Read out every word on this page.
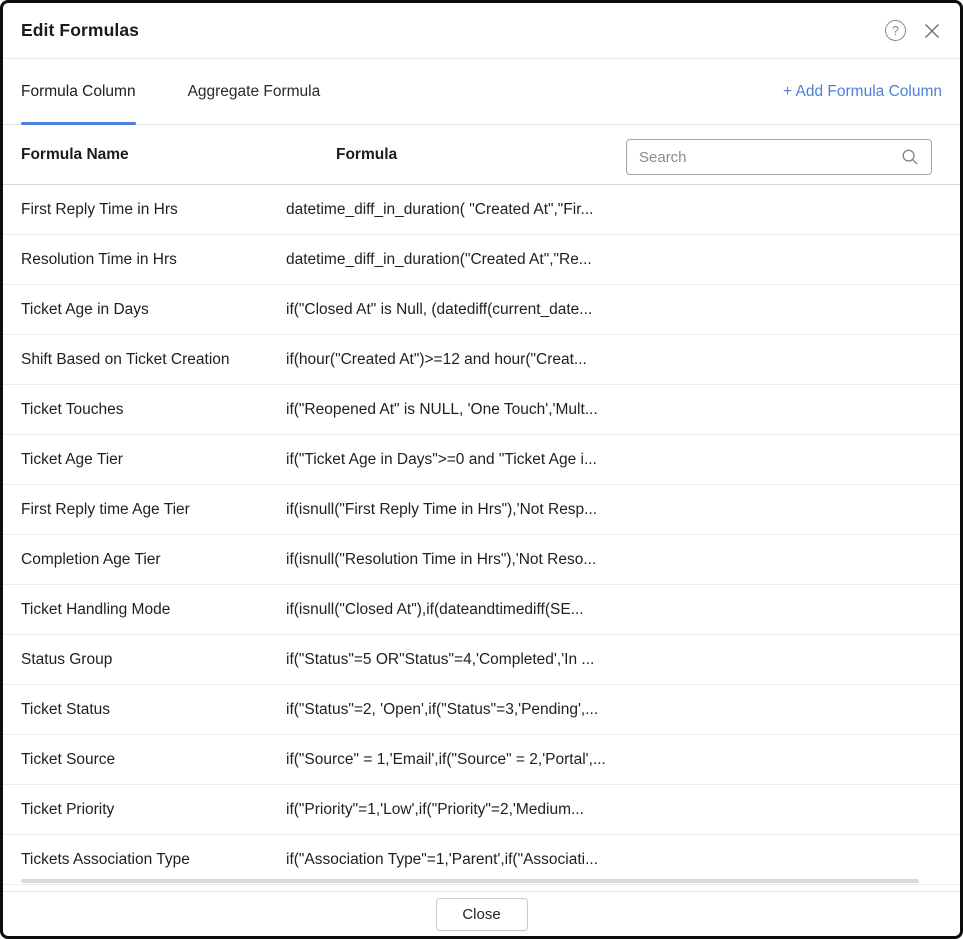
Edit Formulas	?
Formula Column	Aggregate Formula	+ Add Formula Column
Formula Name	Formula
Search
First Reply Time in Hrs	datetime_diff_in_duration( "Created At","Fir...
Resolution Time in Hrs	datetime_diff_in_duration("Created At","Re...
Ticket Age in Days	if("Closed At" is Null, (datediff(current_date...
Shift Based on Ticket Creation	if(hour("Created At")>=12 and hour("Creat...
Ticket Touches	if("Reopened At" is NULL, 'One Touch','Mult...
Ticket Age Tier	if("Ticket Age in Days">=0 and "Ticket Age i...
First Reply time Age Tier	if(isnull("First Reply Time in Hrs"),'Not Resp...
Completion Age Tier	if(isnull("Resolution Time in Hrs"),'Not Reso...
Ticket Handling Mode	if(isnull("Closed At"),if(dateandtimediff(SE...
Status Group	if("Status"=5 OR"Status"=4,'Completed','In ...
Ticket Status	if("Status"=2, 'Open',if("Status"=3,'Pending',...
Ticket Source	if("Source" = 1,'Email',if("Source" = 2,'Portal',...
Ticket Priority	if("Priority"=1,'Low',if("Priority"=2,'Medium...
Tickets Association Type	if("Association Type"=1,'Parent',if("Associati...
Close
